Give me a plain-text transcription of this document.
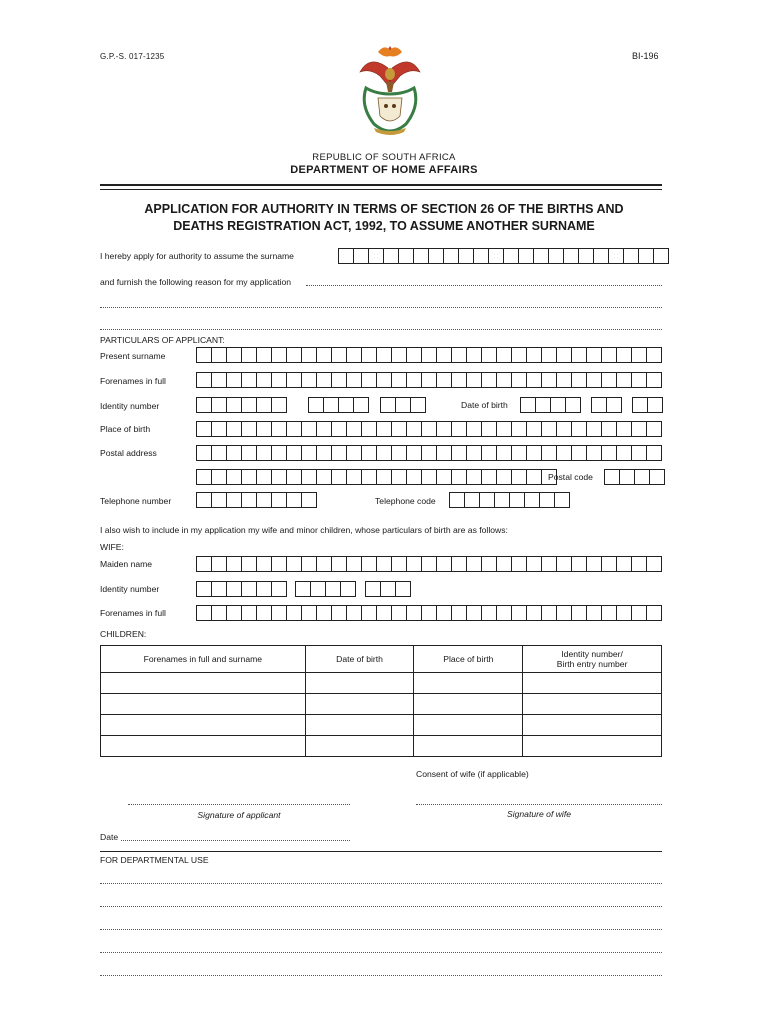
G.P.-S. 017-1235	BI-196
REPUBLIC OF SOUTH AFRICA
DEPARTMENT OF HOME AFFAIRS
APPLICATION FOR AUTHORITY IN TERMS OF SECTION 26 OF THE BIRTHS AND
DEATHS REGISTRATION ACT, 1992, TO ASSUME ANOTHER SURNAME
I hereby apply for authority to assume the surname
and furnish the following reason for my application
PARTICULARS OF APPLICANT:
Present surname
Forenames in full
Identity number	Date of birth
Place of birth
Postal address
Postal code
Telephone number	Telephone code
I also wish to include in my application my wife and minor children, whose particulars of birth are as follows:
WIFE:
Maiden name
Identity number
Forenames in full
CHILDREN:
Forenames in full and surname	Date of birth	Place of birth	Identity number/
Birth entry number

Consent of wife (if applicable)
Signature of applicant	Signature of wife
Date
FOR DEPARTMENTAL USE
